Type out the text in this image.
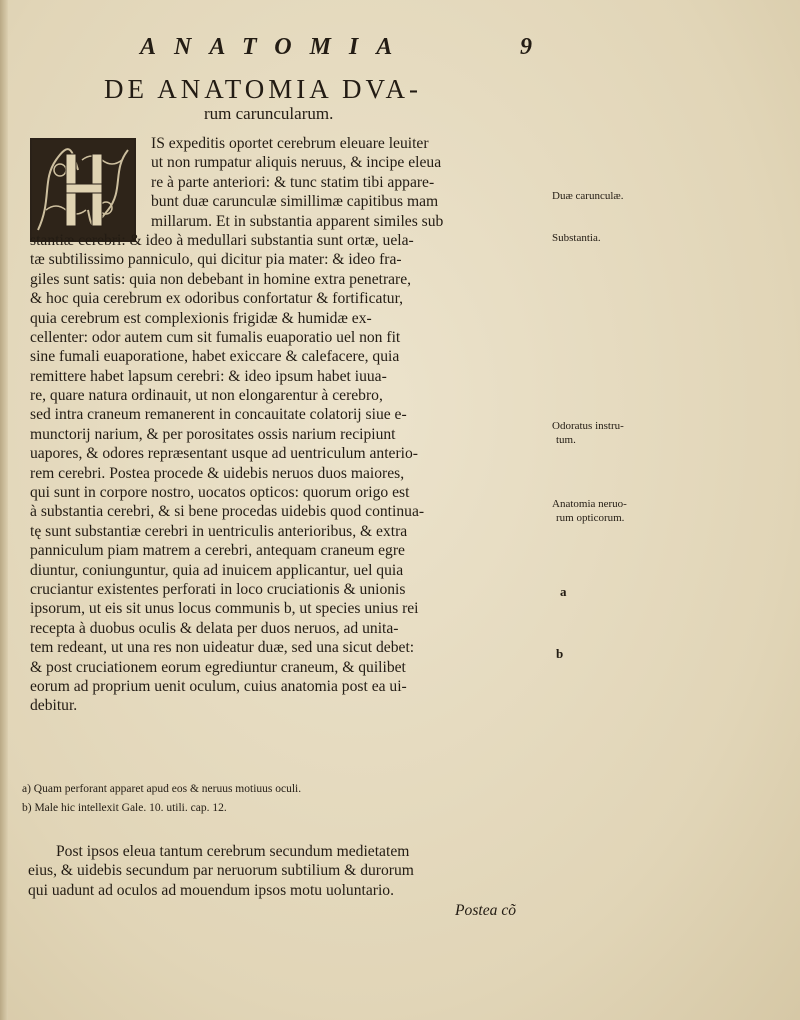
ANATOMIA	9
DE ANATOMIA DVA-
rum caruncularum.
IS expeditis oportet cerebrum eleuare leuiter
ut non rumpatur aliquis neruus, & incipe eleua
re à parte anteriori: & tunc statim tibi appare-
bunt duæ carunculæ simillimæ capitibus mam
millarum. Et in substantia apparent similes sub
stantiæ cerebri: & ideo à medullari substantia sunt ortæ, uela-
tæ subtilissimo panniculo, qui dicitur pia mater: & ideo fra-
giles sunt satis: quia non debebant in homine extra penetrare,
& hoc quia cerebrum ex odoribus confortatur & fortificatur,
quia cerebrum est complexionis frigidæ & humidæ ex-
cellenter: odor autem cum sit fumalis euaporatio uel non fit
sine fumali euaporatione, habet exiccare & calefacere, quia
remittere habet lapsum cerebri: & ideo ipsum habet iuua-
re, quare natura ordinauit, ut non elongarentur à cerebro,
sed intra craneum remanerent in concauitate colatorij siue e-
munctorij narium, & per porositates ossis narium recipiunt
uapores, & odores repræsentant usque ad uentriculum anterio-
rem cerebri. Postea procede & uidebis neruos duos maiores,
qui sunt in corpore nostro, uocatos opticos: quorum origo est
à substantia cerebri, & si bene procedas uidebis quod continua-
tę sunt substantiæ cerebri in uentriculis anterioribus, & extra
panniculum piam matrem a cerebri, antequam craneum egre
diuntur, coniunguntur, quia ad inuicem applicantur, uel quia
cruciantur existentes perforati in loco cruciationis & unionis
ipsorum, ut eis sit unus locus communis b, ut species unius rei
recepta à duobus oculis & delata per duos neruos, ad unita-
tem redeant, ut una res non uideatur duæ, sed una sicut debet:
& post cruciationem eorum egrediuntur craneum, & quilibet
eorum ad proprium uenit oculum, cuius anatomia post ea ui-
debitur.
Duæ carunculæ.
Substantia.
Odoratus instru-
tum.
Anatomia neruo-
rum opticorum.
a
b
a) Quam perforant apparet apud eos & neruus motiuus oculi.
b) Male hic intellexit Gale. 10. utili. cap. 12.
Post ipsos eleua tantum cerebrum secundum medietatem
eius, & uidebis secundum par neruorum subtilium & durorum
qui uadunt ad oculos ad mouendum ipsos motu uoluntario.
Postea cõ
